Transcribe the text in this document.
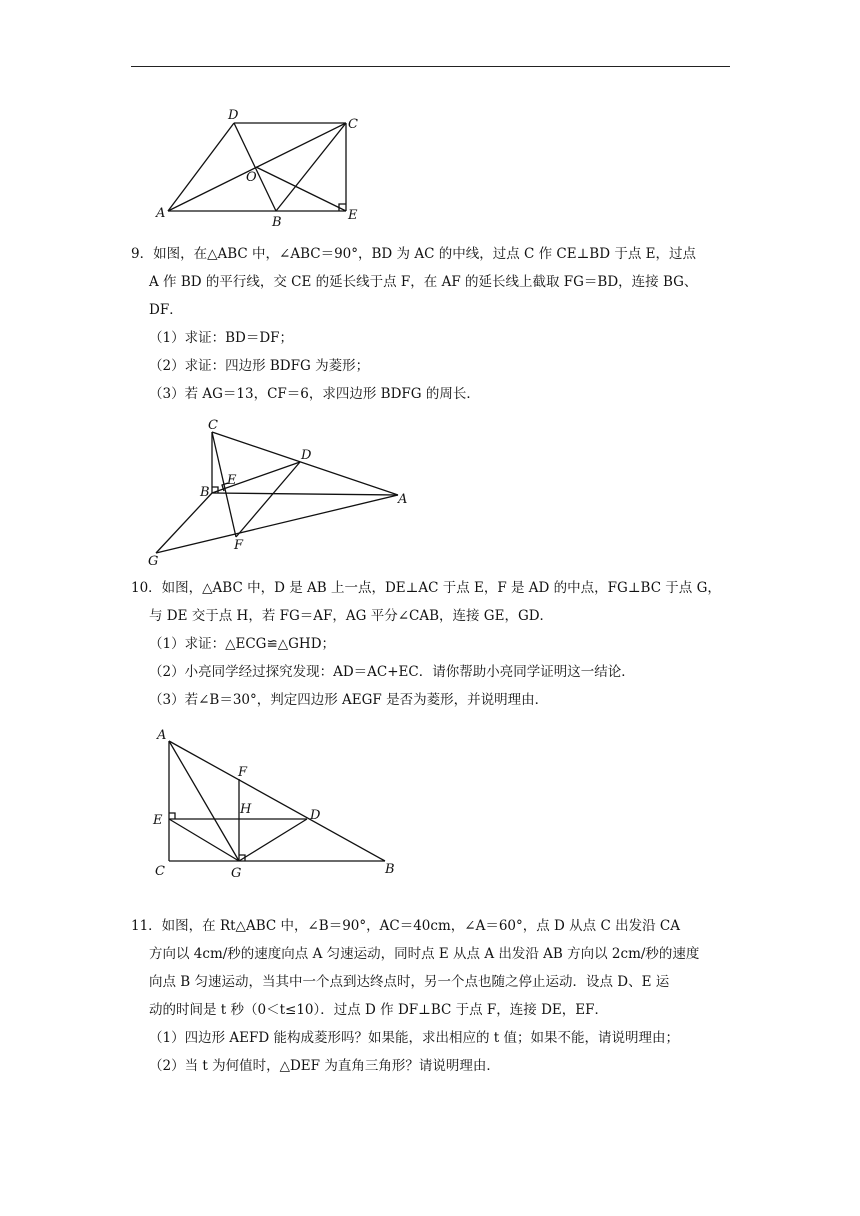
D
C
O
A
B	E
9．如图，在△ABC 中，∠ABC＝90°，BD 为 AC 的中线，过点 C 作 CE⊥BD 于点 E，过点
A 作 BD 的平行线，交 CE 的延长线于点 F，在 AF 的延长线上截取 FG＝BD，连接 BG、
DF．
（1）求证：BD＝DF；
（2）求证：四边形 BDFG 为菱形；
（3）若 AG＝13，CF＝6，求四边形 BDFG 的周长．
C
D
B
E
A
G
F
10．如图，△ABC 中，D 是 AB 上一点，DE⊥AC 于点 E，F 是 AD 的中点，FG⊥BC 于点 G，
与 DE 交于点 H，若 FG＝AF，AG 平分∠CAB，连接 GE，GD．
（1）求证：△ECG≌△GHD；
（2）小亮同学经过探究发现：AD＝AC+EC．请你帮助小亮同学证明这一结论．
（3）若∠B＝30°，判定四边形 AEGF 是否为菱形，并说明理由．
A
F
H
E	D
C	G	B
11．如图，在 Rt△ABC 中，∠B＝90°，AC＝40cm，∠A＝60°，点 D 从点 C 出发沿 CA
方向以 4cm/秒的速度向点 A 匀速运动，同时点 E 从点 A 出发沿 AB 方向以 2cm/秒的速度
向点 B 匀速运动，当其中一个点到达终点时，另一个点也随之停止运动．设点 D、E 运
动的时间是 t 秒（0＜t≤10）．过点 D 作 DF⊥BC 于点 F，连接 DE，EF．
（1）四边形 AEFD 能构成菱形吗？如果能，求出相应的 t 值；如果不能，请说明理由；
（2）当 t 为何值时，△DEF 为直角三角形？请说明理由．
